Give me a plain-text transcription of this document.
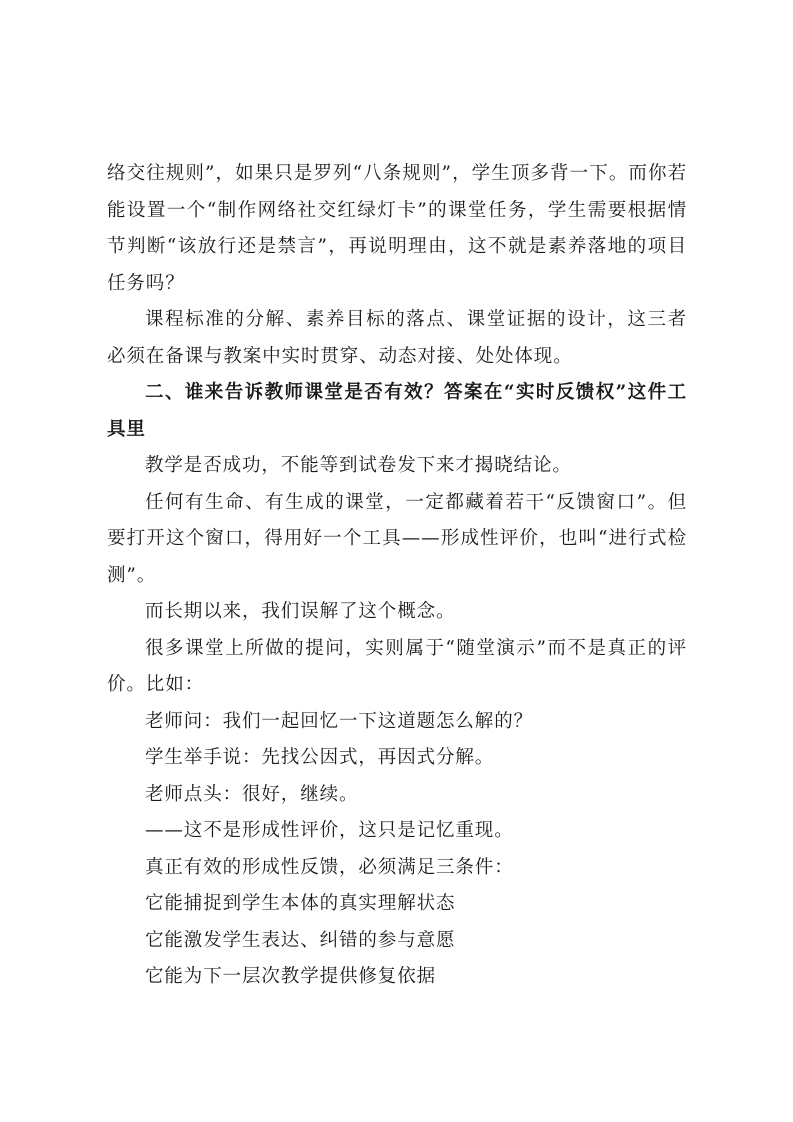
络交往规则”，如果只是罗列“八条规则”，学生顶多背一下。而你若能设置一个“制作网络社交红绿灯卡”的课堂任务，学生需要根据情节判断“该放行还是禁言”，再说明理由，这不就是素养落地的项目任务吗？

课程标准的分解、素养目标的落点、课堂证据的设计，这三者必须在备课与教案中实时贯穿、动态对接、处处体现。

二、谁来告诉教师课堂是否有效？答案在“实时反馈权”这件工具里

教学是否成功，不能等到试卷发下来才揭晓结论。

任何有生命、有生成的课堂，一定都藏着若干“反馈窗口”。但要打开这个窗口，得用好一个工具——形成性评价，也叫“进行式检测”。

而长期以来，我们误解了这个概念。

很多课堂上所做的提问，实则属于“随堂演示”而不是真正的评价。比如：

老师问：我们一起回忆一下这道题怎么解的？

学生举手说：先找公因式，再因式分解。

老师点头：很好，继续。

——这不是形成性评价，这只是记忆重现。

真正有效的形成性反馈，必须满足三条件：

它能捕捉到学生本体的真实理解状态

它能激发学生表达、纠错的参与意愿

它能为下一层次教学提供修复依据
